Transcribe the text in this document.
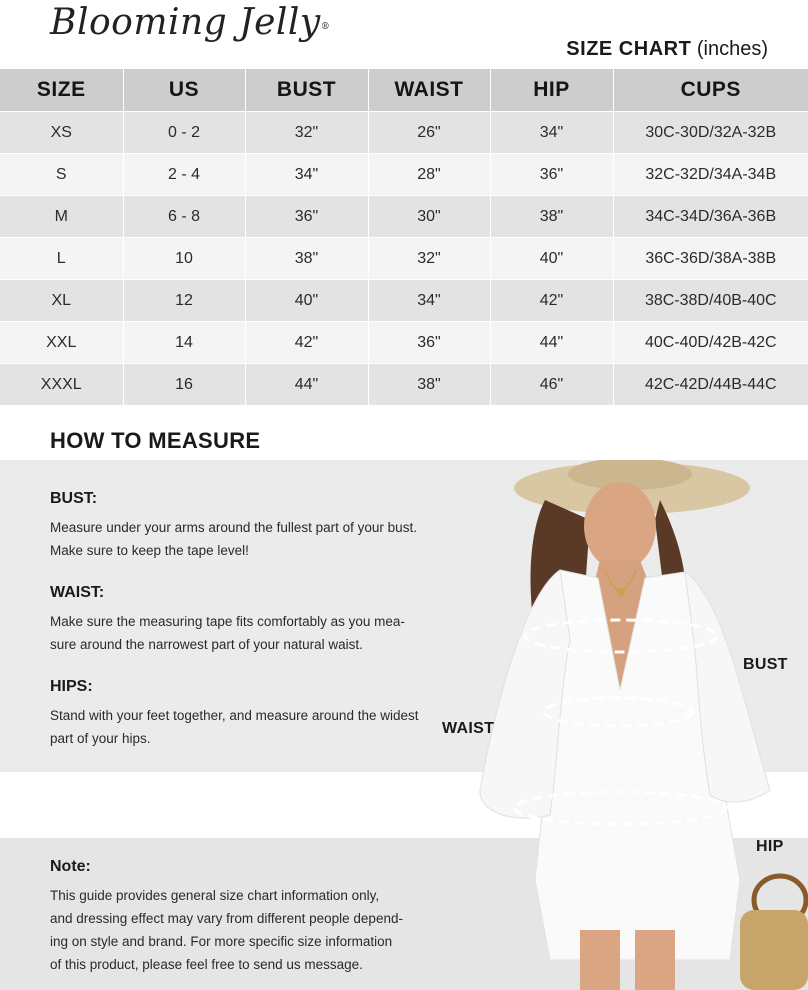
Blooming Jelly®
SIZE CHART (inches)
SIZE	US	BUST	WAIST	HIP	CUPS
XS	0 - 2	32"	26"	34"	30C-30D/32A-32B
S	2 - 4	34"	28"	36"	32C-32D/34A-34B
M	6 - 8	36"	30"	38"	34C-34D/36A-36B
L	10	38"	32"	40"	36C-36D/38A-38B
XL	12	40"	34"	42"	38C-38D/40B-40C
XXL	14	42"	36"	44"	40C-40D/42B-42C
XXXL	16	44"	38"	46"	42C-42D/44B-44C
HOW TO MEASURE
BUST:
Measure under your arms around the fullest part of your bust.
Make sure to keep the tape level!
WAIST:
Make sure the measuring tape fits comfortably as you mea-
sure around the narrowest part of your natural waist.
HIPS:
Stand with your feet together, and measure around the widest
part of your hips.
Note:
This guide provides general size chart information only,
and dressing effect may vary from different people depend-
ing on style and brand. For more specific size information
of this product, please feel free to send us message.
BUST
WAIST
HIP
